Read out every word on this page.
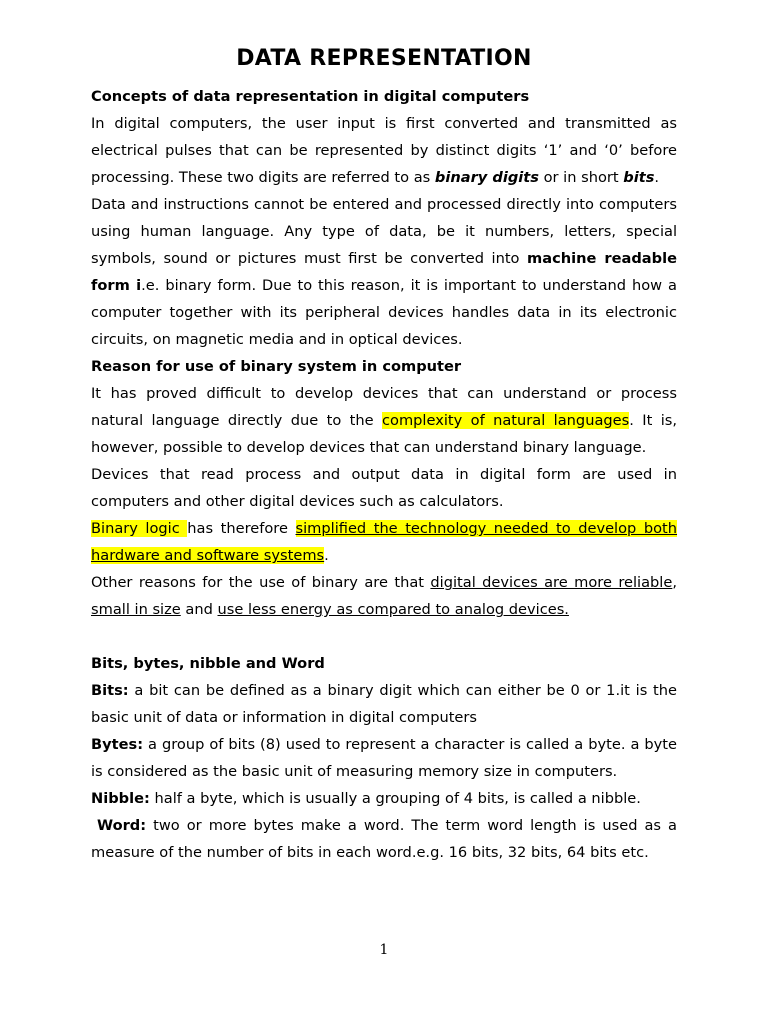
DATA REPRESENTATION
Concepts of data representation in digital computers

In digital computers, the user input is first converted and transmitted as electrical pulses that can be represented by distinct digits ‘1’ and ‘0’ before processing. These two digits are referred to as binary digits or in short bits.

Data and instructions cannot be entered and processed directly into computers using human language. Any type of data, be it numbers, letters, special symbols, sound or pictures must first be converted into machine readable form i.e. binary form. Due to this reason, it is important to understand how a computer together with its peripheral devices handles data in its electronic circuits, on magnetic media and in optical devices.

Reason for use of binary system in computer

It has proved difficult to develop devices that can understand or process natural language directly due to the complexity of natural languages. It is, however, possible to develop devices that can understand binary language.

Devices that read process and output data in digital form are used in computers and other digital devices such as calculators.

Binary logic has therefore simplified the technology needed to develop both hardware and software systems.

Other reasons for the use of binary are that digital devices are more reliable, small in size and use less energy as compared to analog devices.

Bits, bytes, nibble and Word

Bits: a bit can be defined as a binary digit which can either be 0 or 1.it is the basic unit of data or information in digital computers

Bytes: a group of bits (8) used to represent a character is called a byte. a byte is considered as the basic unit of measuring memory size in computers.

Nibble: half a byte, which is usually a grouping of 4 bits, is called a nibble.

Word: two or more bytes make a word. The term word length is used as a measure of the number of bits in each word.e.g. 16 bits, 32 bits, 64 bits etc.

1
